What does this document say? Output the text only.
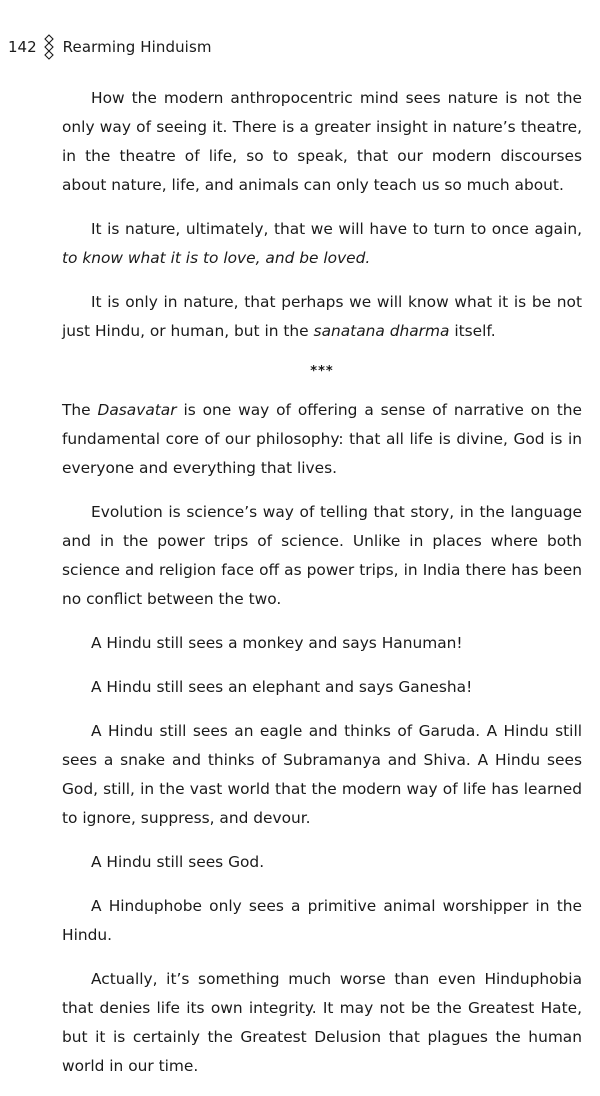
142 Rearming Hinduism

How the modern anthropocentric mind sees nature is not the only way of seeing it. There is a greater insight in nature’s theatre, in the theatre of life, so to speak, that our modern discourses about nature, life, and animals can only teach us so much about.

It is nature, ultimately, that we will have to turn to once again, to know what it is to love, and be loved.

It is only in nature, that perhaps we will know what it is be not just Hindu, or human, but in the sanatana dharma itself.

***

The Dasavatar is one way of offering a sense of narrative on the fundamental core of our philosophy: that all life is divine, God is in everyone and everything that lives.

Evolution is science’s way of telling that story, in the language and in the power trips of science. Unlike in places where both science and religion face off as power trips, in India there has been no conflict between the two.

A Hindu still sees a monkey and says Hanuman!

A Hindu still sees an elephant and says Ganesha!

A Hindu still sees an eagle and thinks of Garuda. A Hindu still sees a snake and thinks of Subramanya and Shiva. A Hindu sees God, still, in the vast world that the modern way of life has learned to ignore, suppress, and devour.

A Hindu still sees God.

A Hinduphobe only sees a primitive animal worshipper in the Hindu.

Actually, it’s something much worse than even Hinduphobia that denies life its own integrity. It may not be the Greatest Hate, but it is certainly the Greatest Delusion that plagues the human world in our time.
